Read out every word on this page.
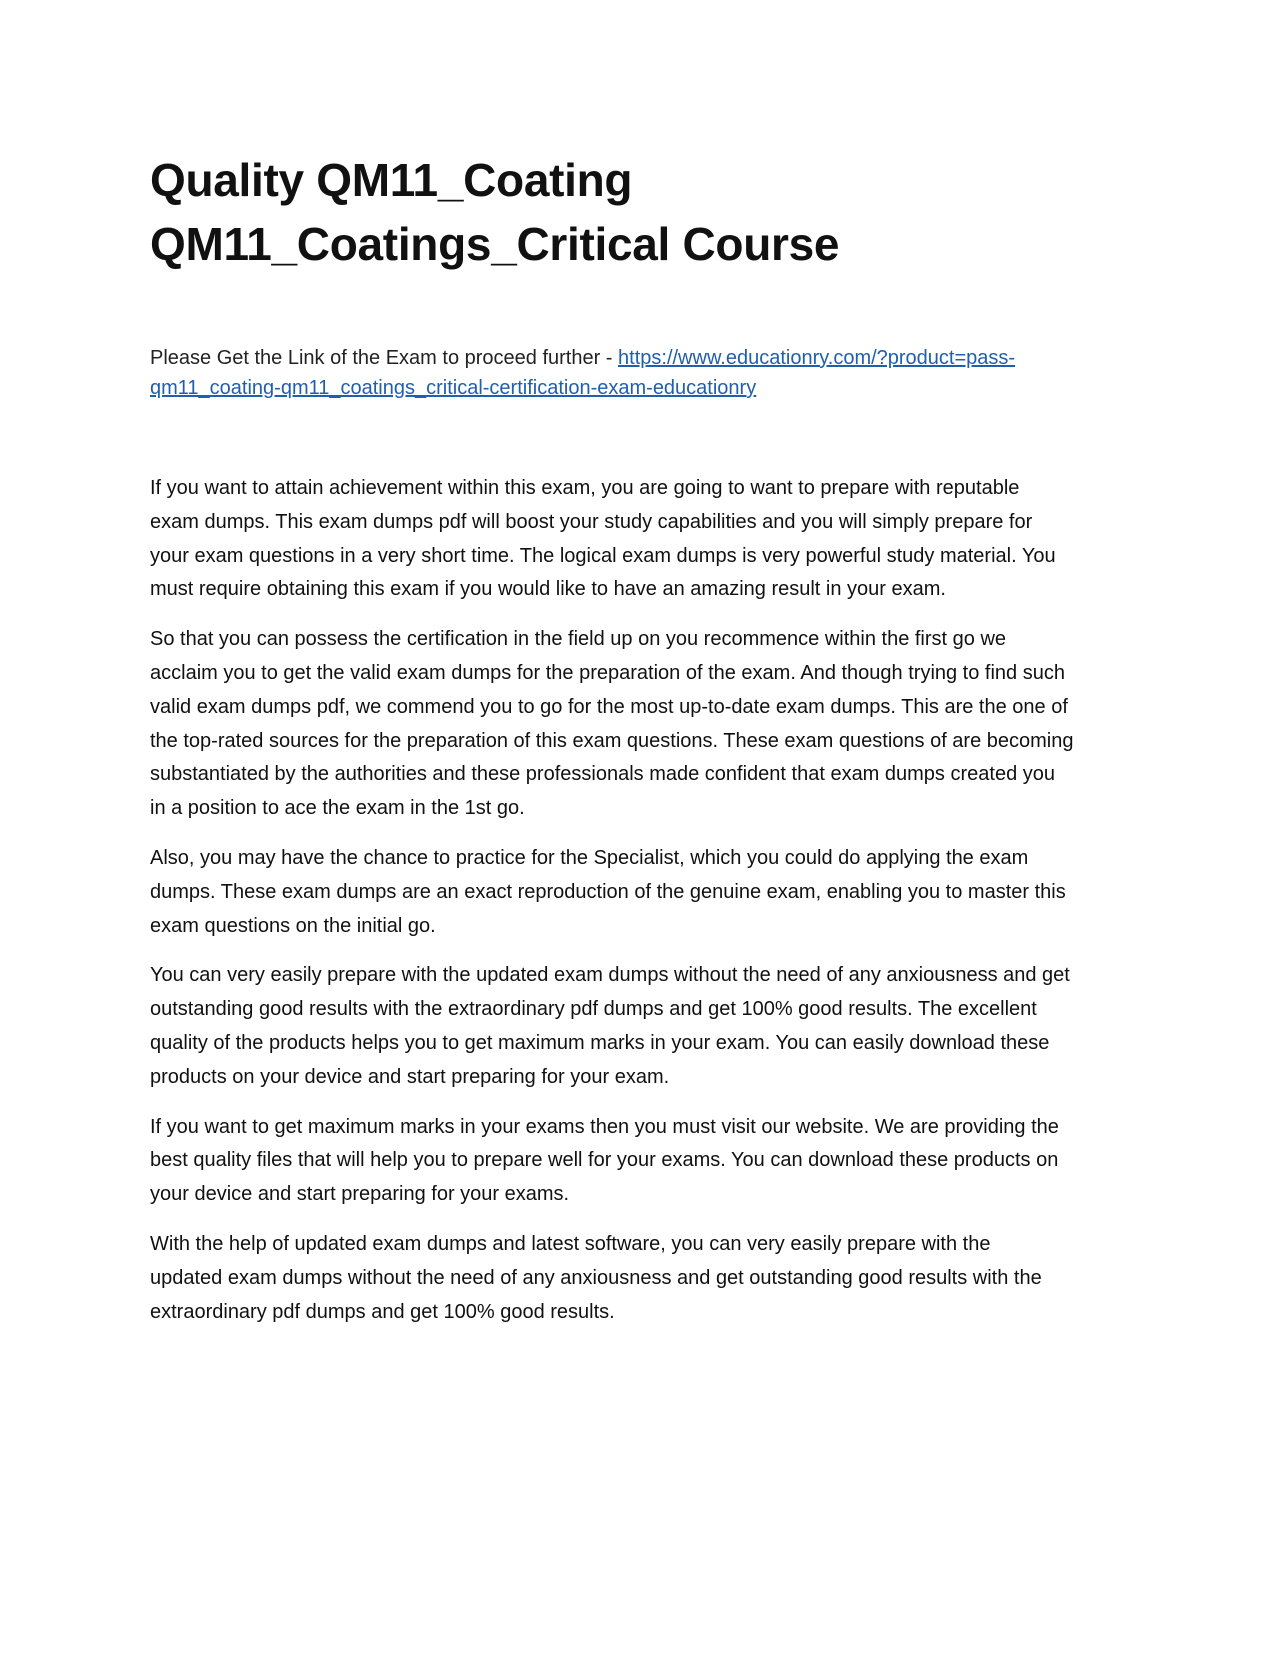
Quality QM11_Coating
QM11_Coatings_Critical Course

Please Get the Link of the Exam to proceed further - https://www.educationry.com/?product=pass-
qm11_coating-qm11_coatings_critical-certification-exam-educationry

If you want to attain achievement within this exam, you are going to want to prepare with reputable
exam dumps. This exam dumps pdf will boost your study capabilities and you will simply prepare for
your exam questions in a very short time. The logical exam dumps is very powerful study material. You
must require obtaining this exam if you would like to have an amazing result in your exam.

So that you can possess the certification in the field up on you recommence within the first go we
acclaim you to get the valid exam dumps for the preparation of the exam. And though trying to find such
valid exam dumps pdf, we commend you to go for the most up-to-date exam dumps. This are the one of
the top-rated sources for the preparation of this exam questions. These exam questions of are becoming
substantiated by the authorities and these professionals made confident that exam dumps created you
in a position to ace the exam in the 1st go.

Also, you may have the chance to practice for the Specialist, which you could do applying the exam
dumps. These exam dumps are an exact reproduction of the genuine exam, enabling you to master this
exam questions on the initial go.

You can very easily prepare with the updated exam dumps without the need of any anxiousness and get
outstanding good results with the extraordinary pdf dumps and get 100% good results. The excellent
quality of the products helps you to get maximum marks in your exam. You can easily download these
products on your device and start preparing for your exam.

If you want to get maximum marks in your exams then you must visit our website. We are providing the
best quality files that will help you to prepare well for your exams. You can download these products on
your device and start preparing for your exams.

With the help of updated exam dumps and latest software, you can very easily prepare with the
updated exam dumps without the need of any anxiousness and get outstanding good results with the
extraordinary pdf dumps and get 100% good results.
